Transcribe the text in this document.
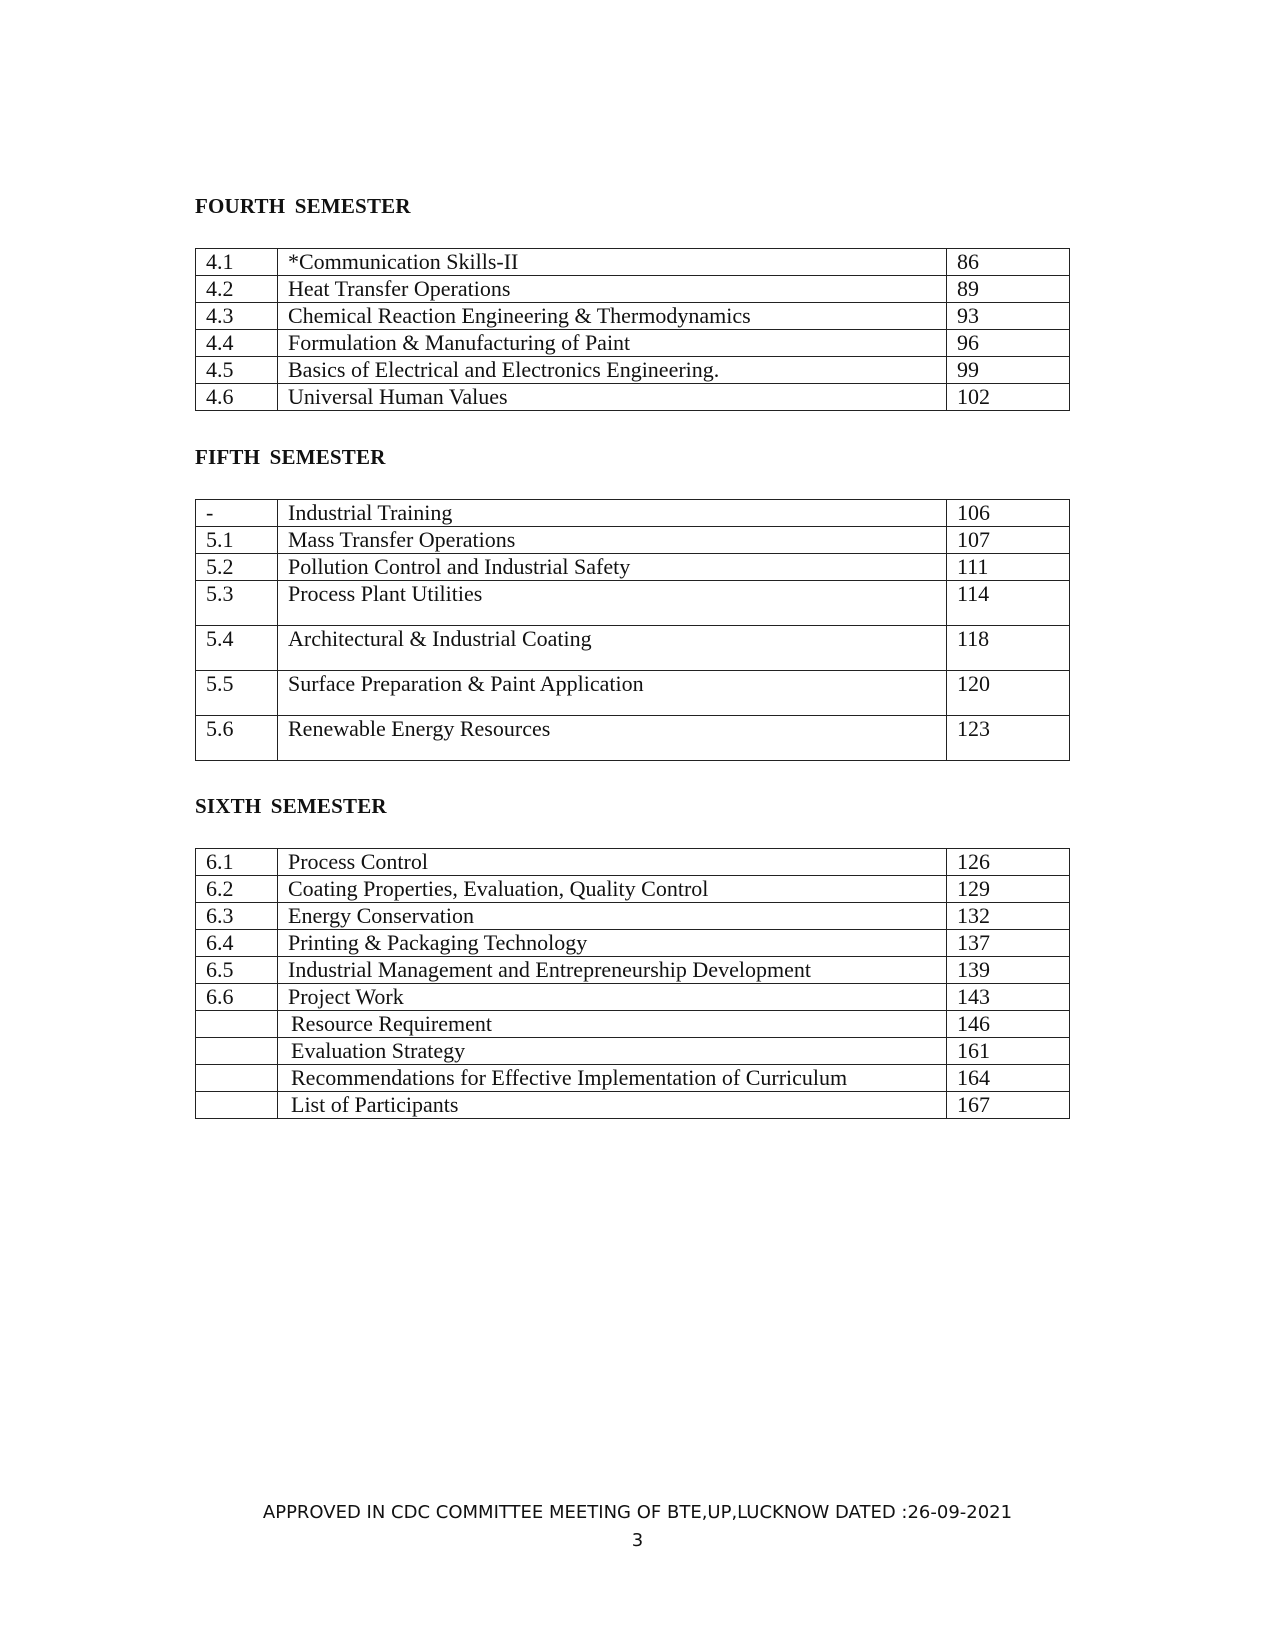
FOURTH SEMESTER
4.1	*Communication Skills-II	86
4.2	Heat Transfer Operations	89
4.3	Chemical Reaction Engineering & Thermodynamics	93
4.4	Formulation & Manufacturing of Paint	96
4.5	Basics of Electrical and Electronics Engineering.	99
4.6	Universal Human Values	102
FIFTH SEMESTER
-	Industrial Training	106
5.1	Mass Transfer Operations	107
5.2	Pollution Control and Industrial Safety	111
5.3	Process Plant Utilities	114
5.4	Architectural & Industrial Coating	118
5.5	Surface Preparation & Paint Application	120
5.6	Renewable Energy Resources	123
SIXTH SEMESTER
6.1	Process Control	126
6.2	Coating Properties, Evaluation, Quality Control	129
6.3	Energy Conservation	132
6.4	Printing & Packaging Technology	137
6.5	Industrial Management and Entrepreneurship Development	139
6.6	Project Work	143
	Resource Requirement	146
	Evaluation Strategy	161
	Recommendations for Effective Implementation of Curriculum	164
	List of Participants	167

APPROVED IN CDC COMMITTEE MEETING OF BTE,UP,LUCKNOW DATED :26-09-2021

3
